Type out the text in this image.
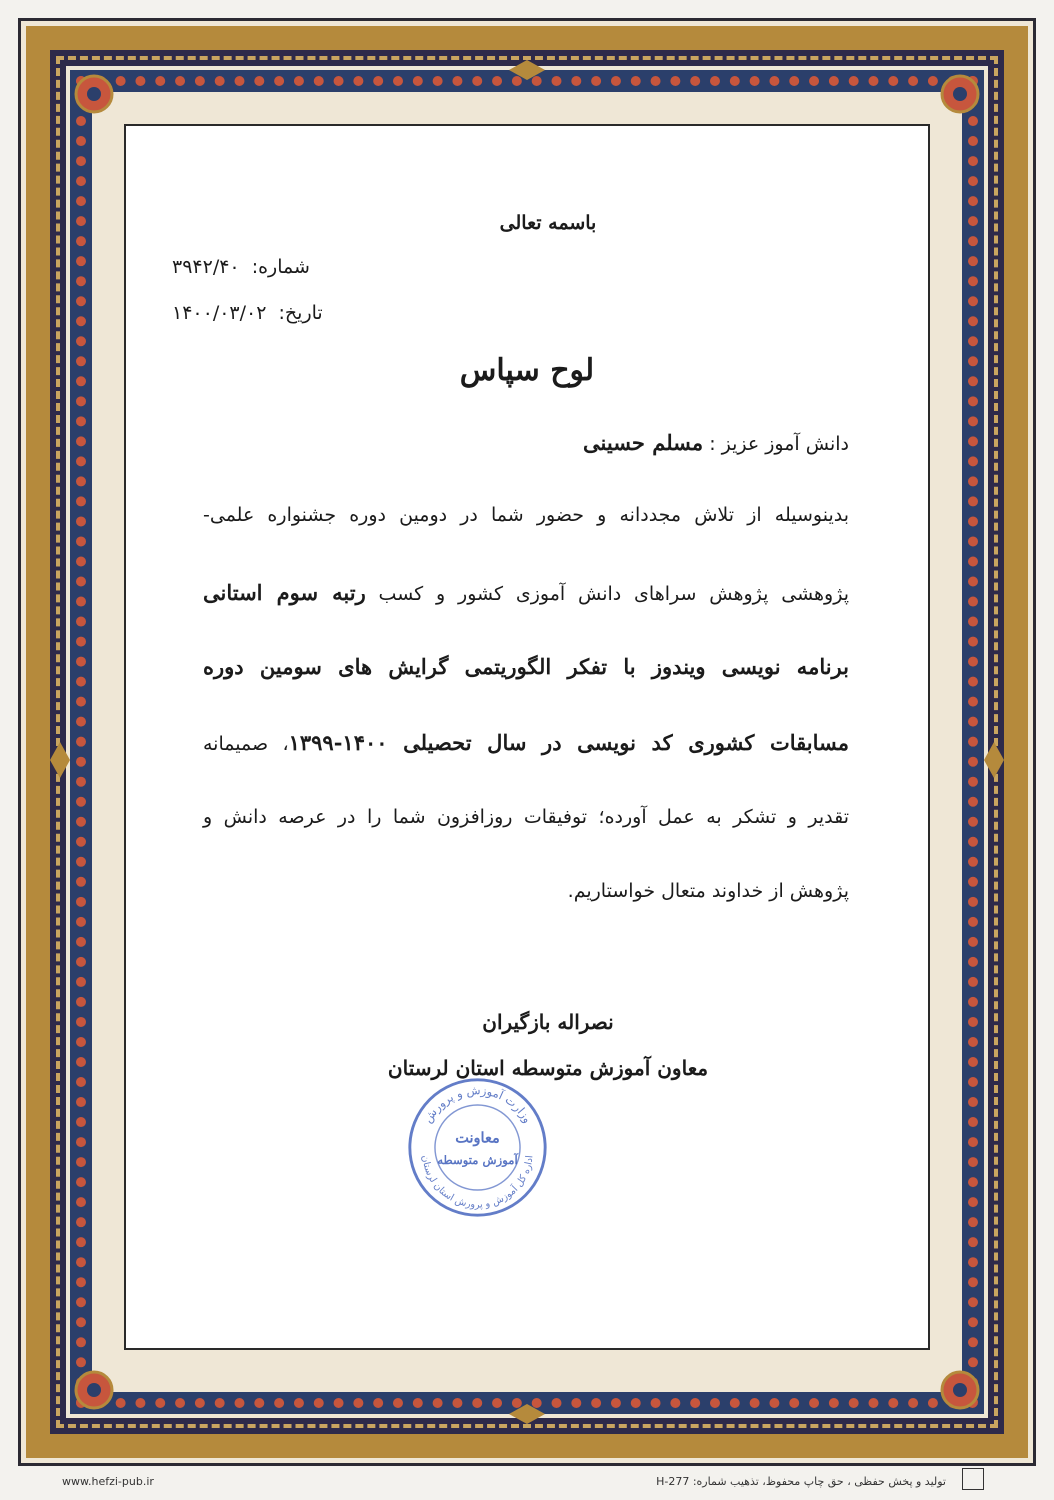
باسمه تعالی
شماره: ۳۹۴۲/۴۰
تاریخ: ۱۴۰۰/۰۳/۰۲
لوح سپاس
دانش آموز عزیز : مسلم حسینی
بدینوسیله از تلاش مجددانه و حضور شما در دومین دوره جشنواره علمی-
پژوهشی پژوهش سراهای دانش آموزی کشور و کسب رتبه سوم استانی
برنامه نویسی ویندوز با تفکر الگوریتمی گرایش های سومین دوره
مسابقات کشوری کد نویسی در سال تحصیلی ۱۴۰۰-۱۳۹۹، صمیمانه
تقدیر و تشکر به عمل آورده؛ توفیقات روزافزون شما را در عرصه دانش و
پژوهش از خداوند متعال خواستاریم.
نصراله بازگیران
معاون آموزش متوسطه استان لرستان
وزارت آموزش و پرورش
اداره کل آموزش و پرورش استان لرستان
معاونت
آموزش متوسطه
www.hefzi-pub.ir	تولید و پخش حفظی ، حق چاپ محفوظ، تذهیب شماره: H-277
